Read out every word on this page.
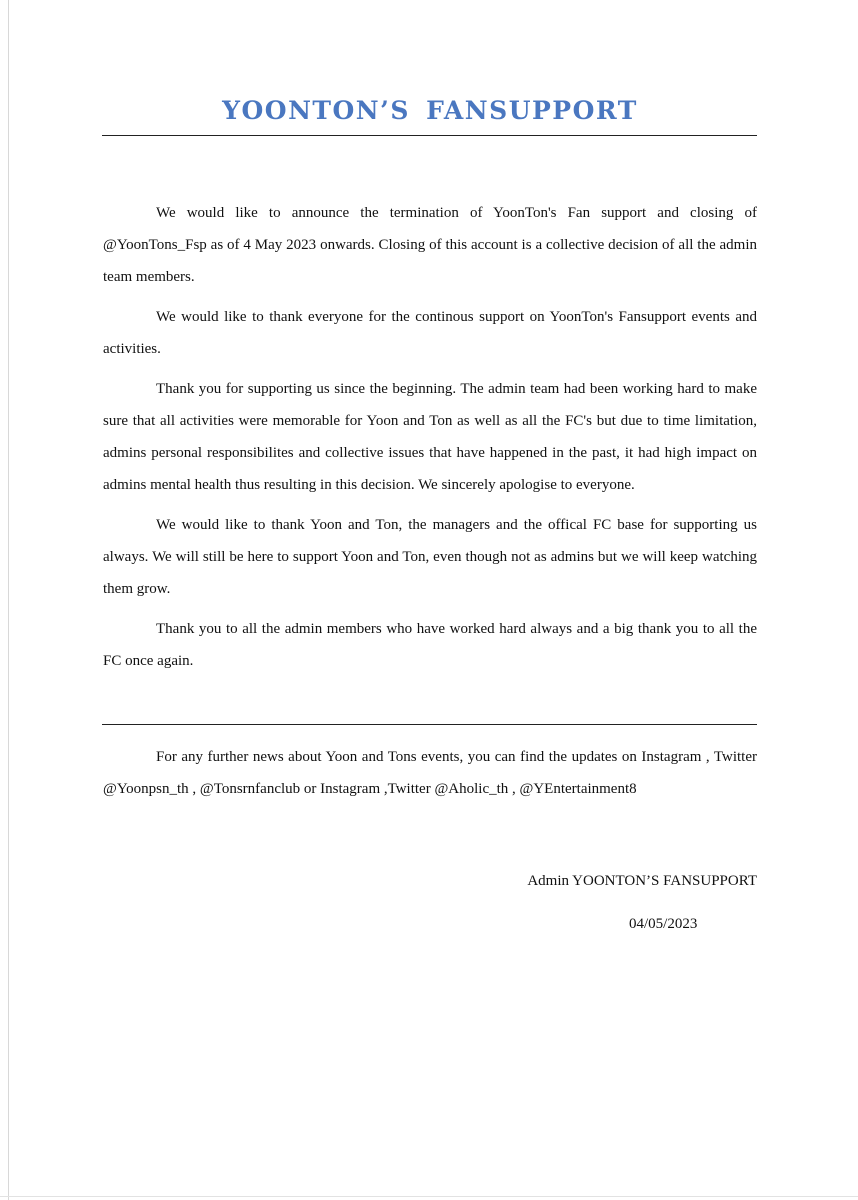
YOONTON’S FANSUPPORT

We would like to announce the termination of YoonTon's Fan support and closing of @YoonTons_Fsp as of 4 May 2023 onwards. Closing of this account is a collective decision of all the admin team members.

We would like to thank everyone for the continous support on YoonTon's Fansupport events and activities.

Thank you for supporting us since the beginning. The admin team had been working hard to make sure that all activities were memorable for Yoon and Ton as well as all the FC's but due to time limitation, admins personal responsibilites and collective issues that have happened in the past, it had high impact on admins mental health thus resulting in this decision. We sincerely apologise to everyone.

We would like to thank Yoon and Ton, the managers and the offical FC base for supporting us always. We will still be here to support Yoon and Ton, even though not as admins but we will keep watching them grow.

Thank you to all the admin members who have worked hard always and a big thank you to all the FC once again.

For any further news about Yoon and Tons events, you can find the updates on Instagram , Twitter @Yoonpsn_th , @Tonsrnfanclub or Instagram ,Twitter @Aholic_th , @YEntertainment8

Admin YOONTON’S FANSUPPORT
04/05/2023
